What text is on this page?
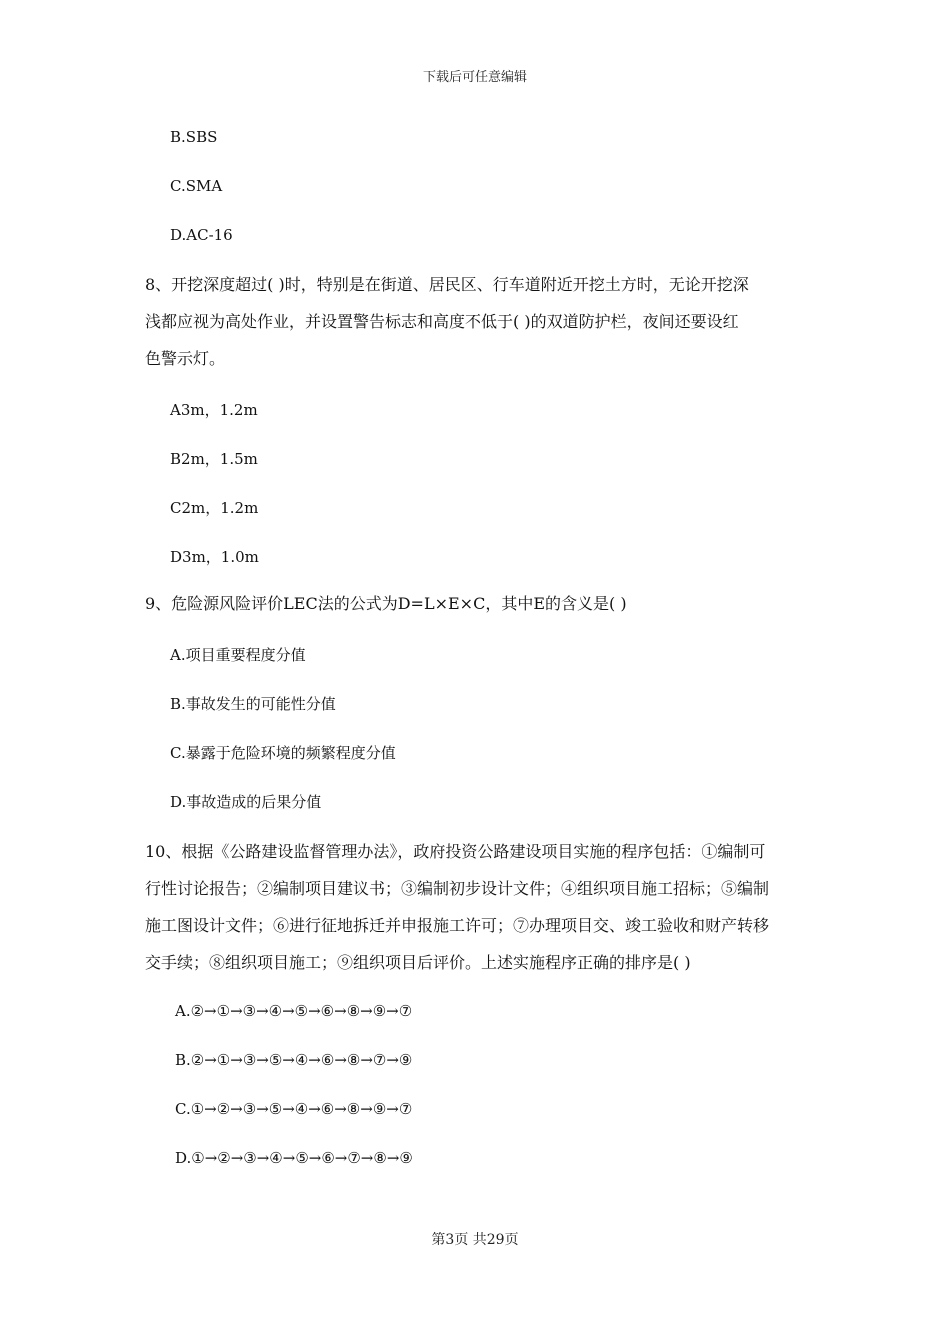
下载后可任意编辑
B.SBS
C.SMA
D.AC-16

8、开挖深度超过( )时，特别是在街道、居民区、行车道附近开挖土方时，无论开挖深

浅都应视为高处作业，并设置警告标志和高度不低于( )的双道防护栏，夜间还要设红

色警示灯。

A3m，1.2m
B2m，1.5m
C2m，1.2m
D3m，1.0m

9、危险源风险评价LEC法的公式为D=L×E×C，其中E的含义是( )

A.项目重要程度分值
B.事故发生的可能性分值
C.暴露于危险环境的频繁程度分值
D.事故造成的后果分值

10、根据《公路建设监督管理办法》，政府投资公路建设项目实施的程序包括：①编制可

行性讨论报告；②编制项目建议书；③编制初步设计文件；④组织项目施工招标；⑤编制

施工图设计文件；⑥进行征地拆迁并申报施工许可；⑦办理项目交、竣工验收和财产转移

交手续；⑧组织项目施工；⑨组织项目后评价。上述实施程序正确的排序是( )

A.②→①→③→④→⑤→⑥→⑧→⑨→⑦
B.②→①→③→⑤→④→⑥→⑧→⑦→⑨
C.①→②→③→⑤→④→⑥→⑧→⑨→⑦
D.①→②→③→④→⑤→⑥→⑦→⑧→⑨
第3页 共29页
